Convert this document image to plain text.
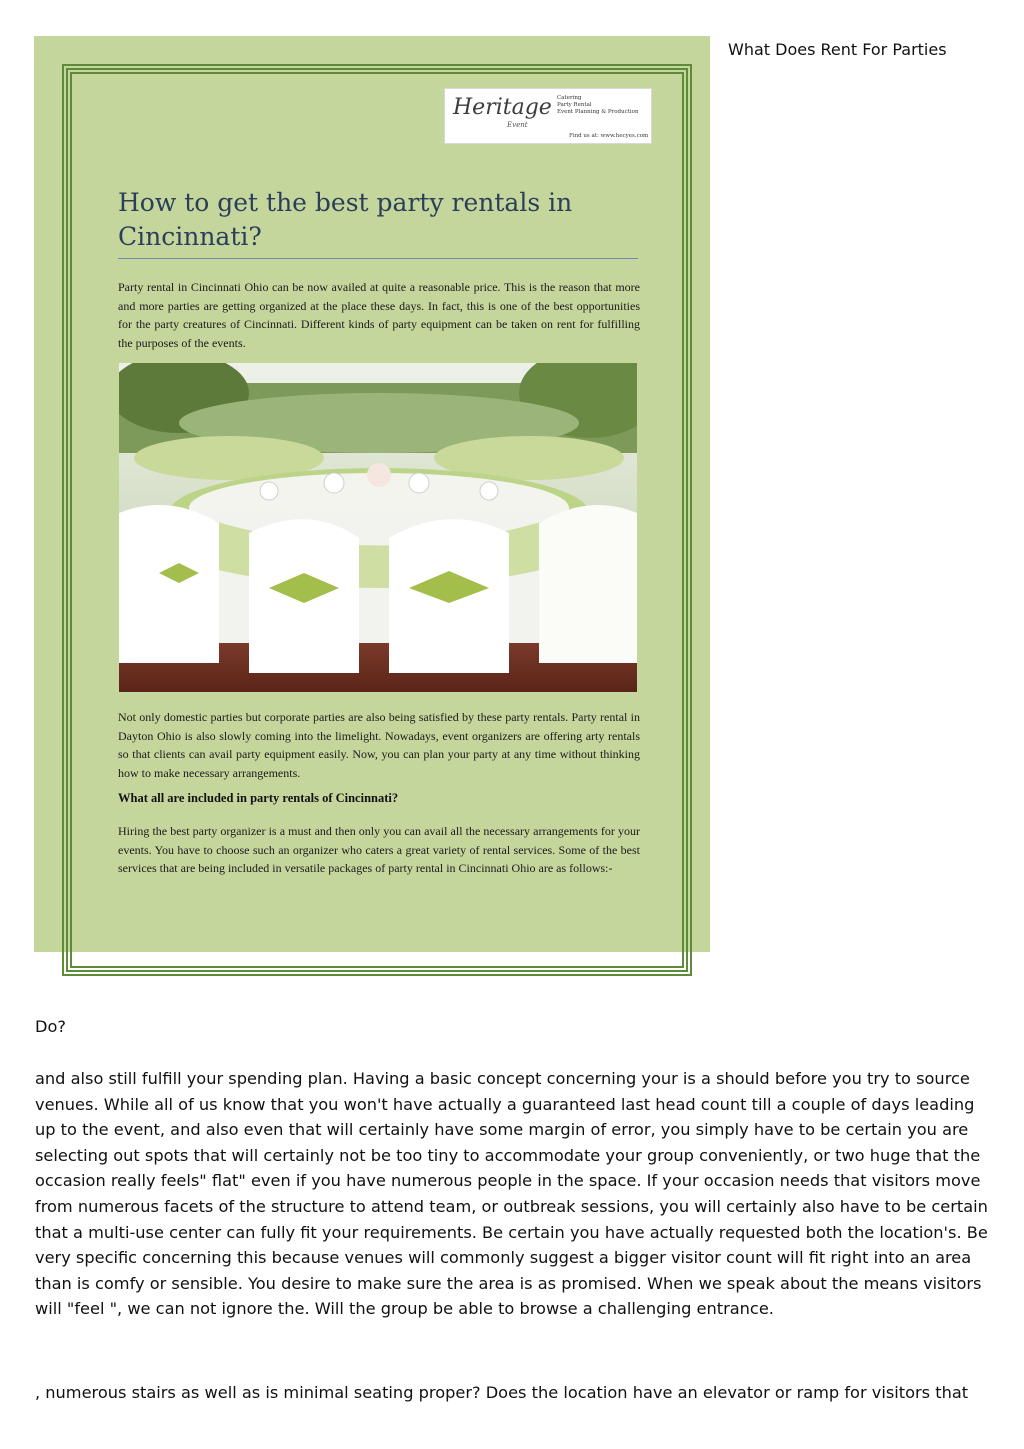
What Does Rent For Parties
Heritage
Event
Catering
Party Rental
Event Planning & Production
Find us at: www.hecyes.com
How to get the best party rentals in Cincinnati?

Party rental in Cincinnati Ohio can be now availed at quite a reasonable price. This is the reason that more and more parties are getting organized at the place these days. In fact, this is one of the best opportunities for the party creatures of Cincinnati. Different kinds of party equipment can be taken on rent for fulfilling the purposes of the events.

Not only domestic parties but corporate parties are also being satisfied by these party rentals. Party rental in Dayton Ohio is also slowly coming into the limelight. Nowadays, event organizers are offering arty rentals so that clients can avail party equipment easily. Now, you can plan your party at any time without thinking how to make necessary arrangements.

What all are included in party rentals of Cincinnati?

Hiring the best party organizer is a must and then only you can avail all the necessary arrangements for your events. You have to choose such an organizer who caters a great variety of rental services. Some of the best services that are being included in versatile packages of party rental in Cincinnati Ohio are as follows:-

Do?

and also still fulfill your spending plan. Having a basic concept concerning your is a should before you try to source venues. While all of us know that you won't have actually a guaranteed last head count till a couple of days leading up to the event, and also even that will certainly have some margin of error, you simply have to be certain you are selecting out spots that will certainly not be too tiny to accommodate your group conveniently, or two huge that the occasion really feels" flat" even if you have numerous people in the space. If your occasion needs that visitors move from numerous facets of the structure to attend team, or outbreak sessions, you will certainly also have to be certain that a multi-use center can fully fit your requirements. Be certain you have actually requested both the location's. Be very specific concerning this because venues will commonly suggest a bigger visitor count will fit right into an area than is comfy or sensible. You desire to make sure the area is as promised. When we speak about the means visitors will "feel ", we can not ignore the. Will the group be able to browse a challenging entrance.

, numerous stairs as well as is minimal seating proper? Does the location have an elevator or ramp for visitors that
